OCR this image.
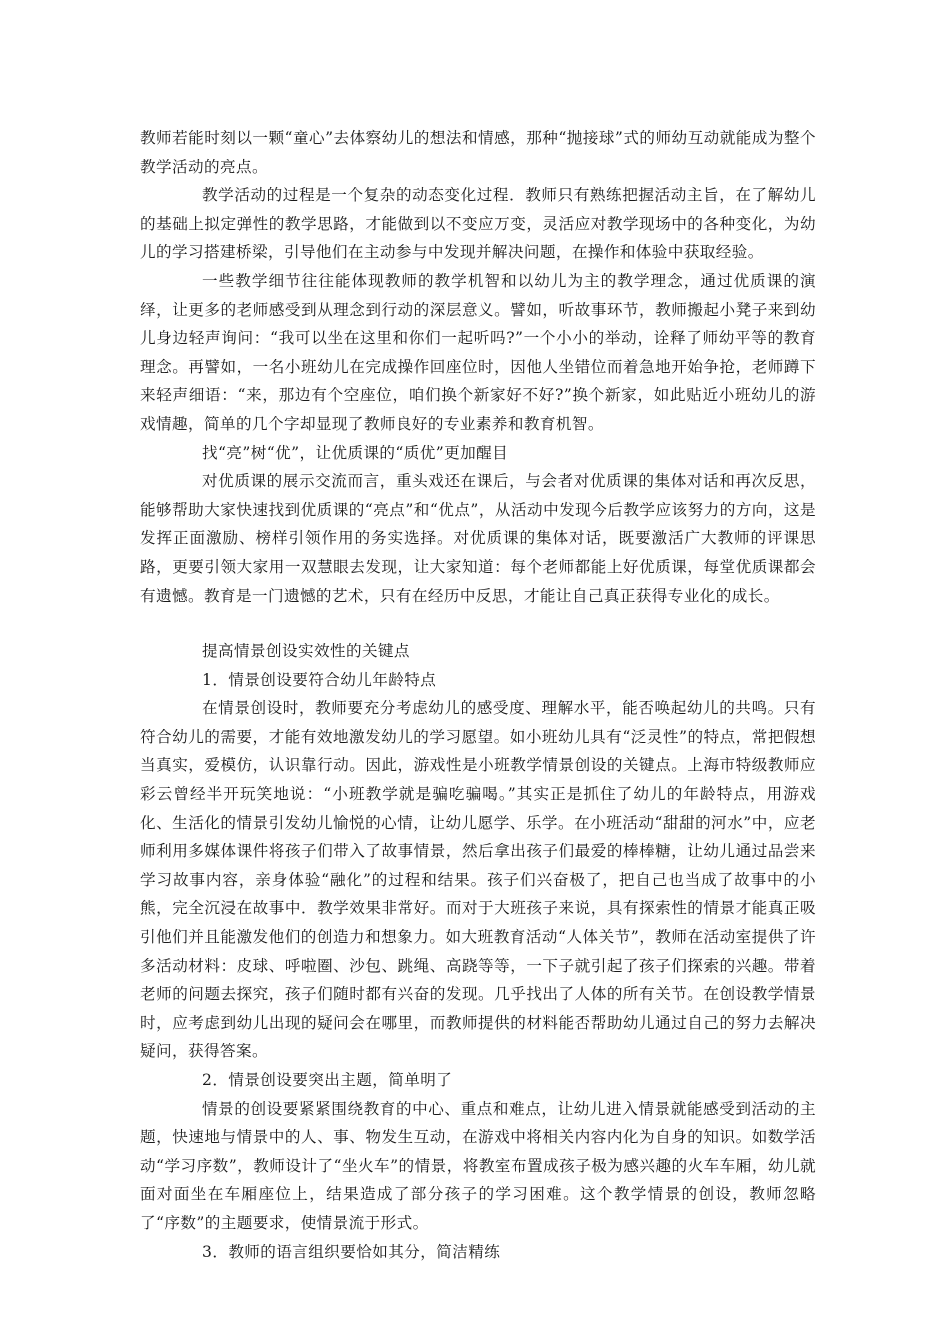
教师若能时刻以一颗“童心”去体察幼儿的想法和情感，那种“抛接球”式的师幼互动就能成为整个教学活动的亮点。

教学活动的过程是一个复杂的动态变化过程．教师只有熟练把握活动主旨，在了解幼儿的基础上拟定弹性的教学思路，才能做到以不变应万变，灵活应对教学现场中的各种变化，为幼儿的学习搭建桥梁，引导他们在主动参与中发现并解决问题，在操作和体验中获取经验。

一些教学细节往往能体现教师的教学机智和以幼儿为主的教学理念，通过优质课的演绎，让更多的老师感受到从理念到行动的深层意义。譬如，听故事环节，教师搬起小凳子来到幼儿身边轻声询问：“我可以坐在这里和你们一起听吗?”一个小小的举动，诠释了师幼平等的教育理念。再譬如，一名小班幼儿在完成操作回座位时，因他人坐错位而着急地开始争抢，老师蹲下来轻声细语：“来，那边有个空座位，咱们换个新家好不好?”换个新家，如此贴近小班幼儿的游戏情趣，简单的几个字却显现了教师良好的专业素养和教育机智。

找“亮”树“优”，让优质课的“质优”更加醒目

对优质课的展示交流而言，重头戏还在课后，与会者对优质课的集体对话和再次反思，能够帮助大家快速找到优质课的“亮点”和“优点”，从活动中发现今后教学应该努力的方向，这是发挥正面激励、榜样引领作用的务实选择。对优质课的集体对话，既要激活广大教师的评课思路，更要引领大家用一双慧眼去发现，让大家知道：每个老师都能上好优质课，每堂优质课都会有遗憾。教育是一门遗憾的艺术，只有在经历中反思，才能让自己真正获得专业化的成长。

提高情景创设实效性的关键点

1．情景创设要符合幼儿年龄特点

在情景创设时，教师要充分考虑幼儿的感受度、理解水平，能否唤起幼儿的共鸣。只有符合幼儿的需要，才能有效地激发幼儿的学习愿望。如小班幼儿具有“泛灵性”的特点，常把假想当真实，爱模仿，认识靠行动。因此，游戏性是小班教学情景创设的关键点。上海市特级教师应彩云曾经半开玩笑地说：“小班教学就是骗吃骗喝。”其实正是抓住了幼儿的年龄特点，用游戏化、生活化的情景引发幼儿愉悦的心情，让幼儿愿学、乐学。在小班活动“甜甜的河水”中，应老师利用多媒体课件将孩子们带入了故事情景，然后拿出孩子们最爱的棒棒糖，让幼儿通过品尝来学习故事内容，亲身体验“融化”的过程和结果。孩子们兴奋极了，把自己也当成了故事中的小熊，完全沉浸在故事中．教学效果非常好。而对于大班孩子来说，具有探索性的情景才能真正吸引他们并且能激发他们的创造力和想象力。如大班教育活动“人体关节”，教师在活动室提供了许多活动材料：皮球、呼啦圈、沙包、跳绳、高跷等等，一下子就引起了孩子们探索的兴趣。带着老师的问题去探究，孩子们随时都有兴奋的发现。几乎找出了人体的所有关节。在创设教学情景时，应考虑到幼儿出现的疑问会在哪里，而教师提供的材料能否帮助幼儿通过自己的努力去解决疑问，获得答案。

2．情景创设要突出主题，简单明了

情景的创设要紧紧围绕教育的中心、重点和难点，让幼儿进入情景就能感受到活动的主题，快速地与情景中的人、事、物发生互动，在游戏中将相关内容内化为自身的知识。如数学活动“学习序数”，教师设计了“坐火车”的情景，将教室布置成孩子极为感兴趣的火车车厢，幼儿就面对面坐在车厢座位上，结果造成了部分孩子的学习困难。这个教学情景的创设，教师忽略了“序数”的主题要求，使情景流于形式。

3．教师的语言组织要恰如其分，简洁精练
